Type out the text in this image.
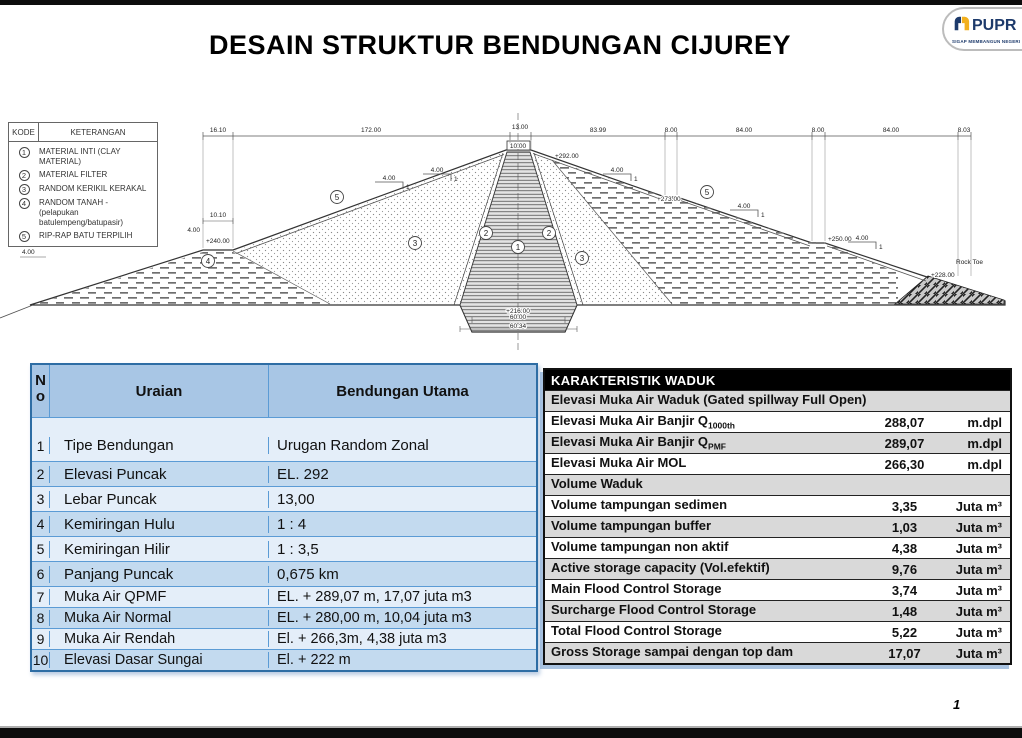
DESAIN STRUKTUR BENDUNGAN CIJUREY
PUPR
SIGAP MEMBANGUN NEGERI
16.10	172.00	13.00	83.99	8.00	84.00	8.00	84.00	8.03
10.00
+292.00
+273.00
+250.00
+228.00
+240.00
+216.00
Rock Toe
10.10
4.00
4.00
4.00
1
4.00
1
4.00
1
4.00
1
4.00
1
60.00
60.34
5
3
2
1
2
3
4
5
KODE	KETERANGAN
1	MATERIAL INTI (CLAY MATERIAL)
2	MATERIAL FILTER
3	RANDOM KERIKIL KERAKAL
4	RANDOM TANAH -
(pelapukan batulempeng/batupasir)
5	RIP-RAP BATU TERPILIH
No	Uraian	Bendungan Utama
1	Tipe Bendungan	Urugan Random Zonal
2	Elevasi Puncak	EL. 292
3	Lebar Puncak	13,00
4	Kemiringan Hulu	1 : 4
5	Kemiringan Hilir	1 : 3,5
6	Panjang Puncak	0,675 km
7	Muka Air QPMF	EL. + 289,07 m, 17,07 juta m3
8	Muka Air Normal	EL. + 280,00 m, 10,04 juta m3
9	Muka Air Rendah	El. + 266,3m, 4,38 juta m3
10	Elevasi Dasar Sungai	El. + 222 m
KARAKTERISTIK WADUK
Elevasi Muka Air Waduk (Gated spillway Full Open)
Elevasi Muka Air Banjir $Q_{1000th}$	288,07	m.dpl
Elevasi Muka Air Banjir $Q_{PMF}$	289,07	m.dpl
Elevasi Muka Air MOL	266,30	m.dpl
Volume Waduk
Volume tampungan sedimen	3,35	Juta m³
Volume tampungan buffer	1,03	Juta m³
Volume tampungan non aktif	4,38	Juta m³
Active storage capacity (Vol.efektif)	9,76	Juta m³
Main Flood Control Storage	3,74	Juta m³
Surcharge Flood Control Storage	1,48	Juta m³
Total Flood Control Storage	5,22	Juta m³
Gross Storage sampai dengan top dam	17,07	Juta m³
1
